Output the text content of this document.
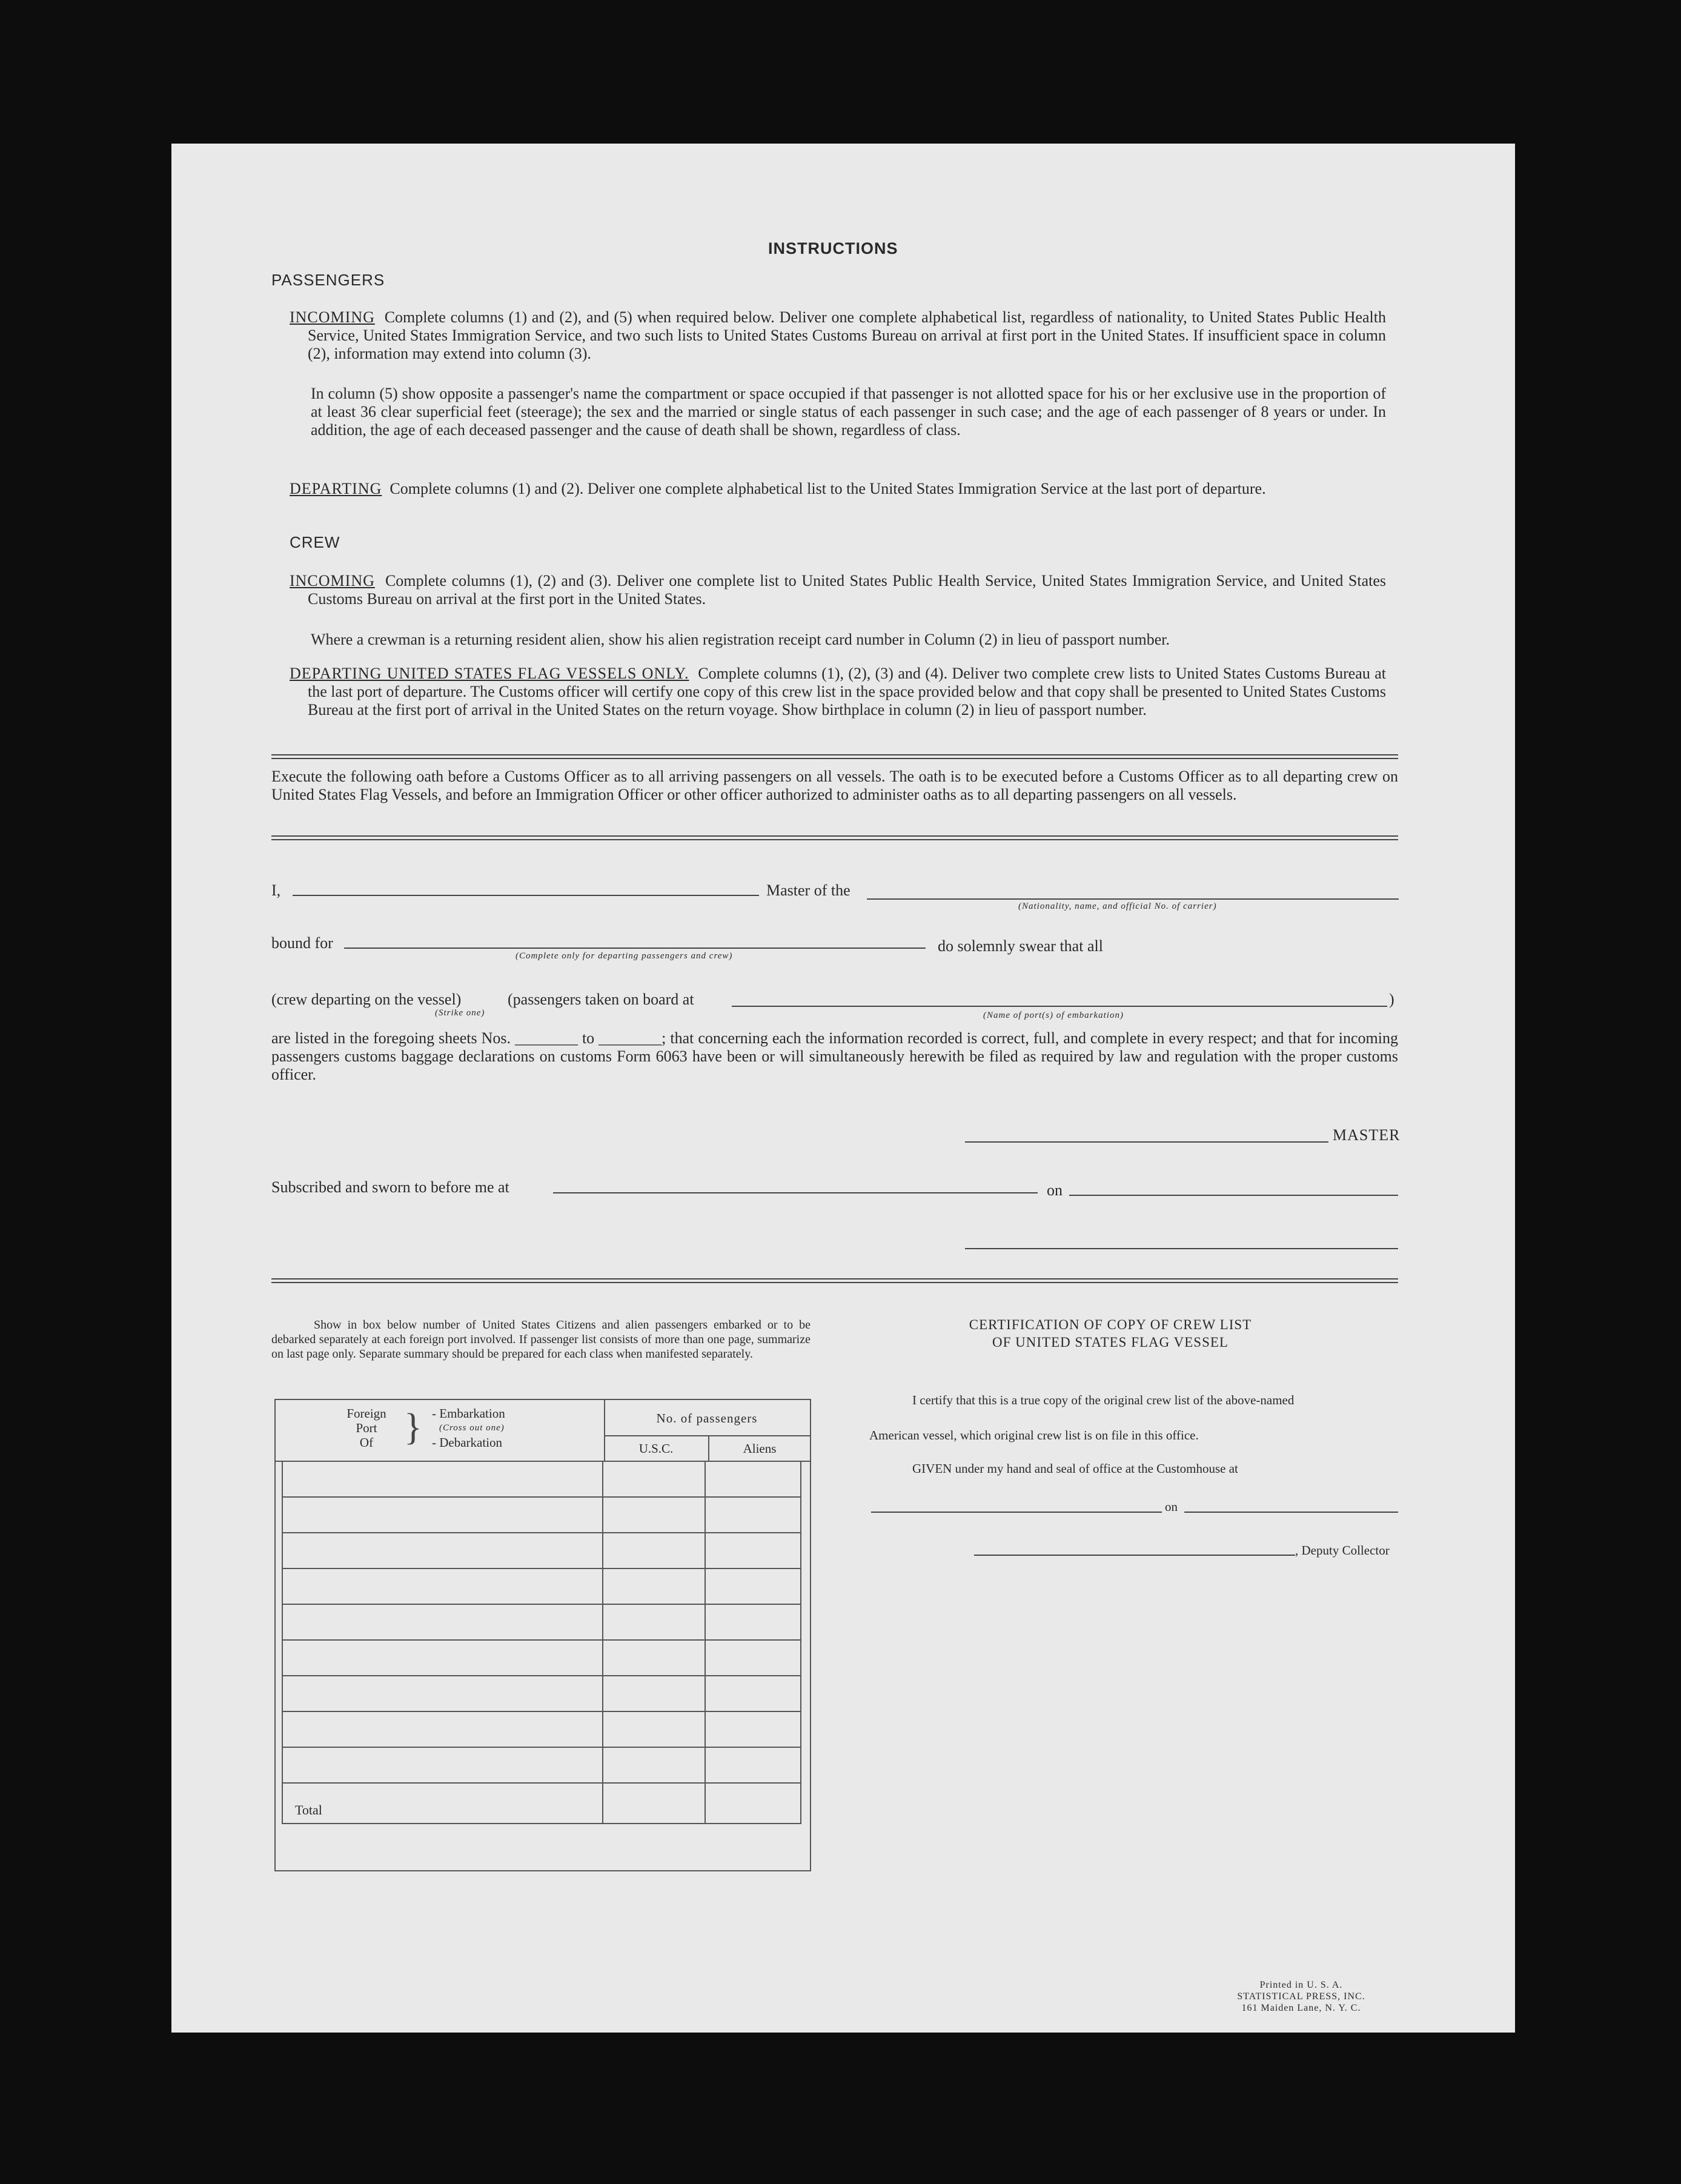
INSTRUCTIONS
PASSENGERS

INCOMING Complete columns (1) and (2), and (5) when required below. Deliver one complete alphabetical list, regardless of nationality, to United States Public Health Service, United States Immigration Service, and two such lists to United States Customs Bureau on arrival at first port in the United States. If insufficient space in column (2), information may extend into column (3).

In column (5) show opposite a passenger's name the compartment or space occupied if that passenger is not allotted space for his or her exclusive use in the proportion of at least 36 clear superficial feet (steerage); the sex and the married or single status of each passenger in such case; and the age of each passenger of 8 years or under. In addition, the age of each deceased passenger and the cause of death shall be shown, regardless of class.

DEPARTING Complete columns (1) and (2). Deliver one complete alphabetical list to the United States Immigration Service at the last port of departure.

CREW

INCOMING Complete columns (1), (2) and (3). Deliver one complete list to United States Public Health Service, United States Immigration Service, and United States Customs Bureau on arrival at the first port in the United States.

Where a crewman is a returning resident alien, show his alien registration receipt card number in Column (2) in lieu of passport number.

DEPARTING UNITED STATES FLAG VESSELS ONLY. Complete columns (1), (2), (3) and (4). Deliver two complete crew lists to United States Customs Bureau at the last port of departure. The Customs officer will certify one copy of this crew list in the space provided below and that copy shall be presented to United States Customs Bureau at the first port of arrival in the United States on the return voyage. Show birthplace in column (2) in lieu of passport number.

Execute the following oath before a Customs Officer as to all arriving passengers on all vessels. The oath is to be executed before a Customs Officer as to all departing crew on United States Flag Vessels, and before an Immigration Officer or other officer authorized to administer oaths as to all departing passengers on all vessels.

I,	Master of the
(Nationality, name, and official No. of carrier)
bound for
(Complete only for departing passengers and crew)
do solemnly swear that all
(crew departing on the vessel)	(passengers taken on board at	)
(Strike one)	(Name of port(s) of embarkation)

are listed in the foregoing sheets Nos. ________ to ________; that concerning each the information recorded is correct, full, and complete in every respect; and that for incoming passengers customs baggage declarations on customs Form 6063 have been or will simultaneously herewith be filed as required by law and regulation with the proper customs officer.

MASTER
Subscribed and sworn to before me at	on

Show in box below number of United States Citizens and alien passengers embarked or to be debarked separately at each foreign port involved. If passenger list consists of more than one page, summarize on last page only. Separate summary should be prepared for each class when manifested separately.

Foreign
Port
Of } - Embarkation
(Cross out one)
- Debarkation
No. of passengers
U.S.C.	Aliens

Total		
CERTIFICATION OF COPY OF CREW LIST
OF UNITED STATES FLAG VESSEL
I certify that this is a true copy of the original crew list of the above-named
American vessel, which original crew list is on file in this office.
GIVEN under my hand and seal of office at the Customhouse at
on
, Deputy Collector
Printed in U. S. A.
STATISTICAL PRESS, INC.
161 Maiden Lane, N. Y. C.
